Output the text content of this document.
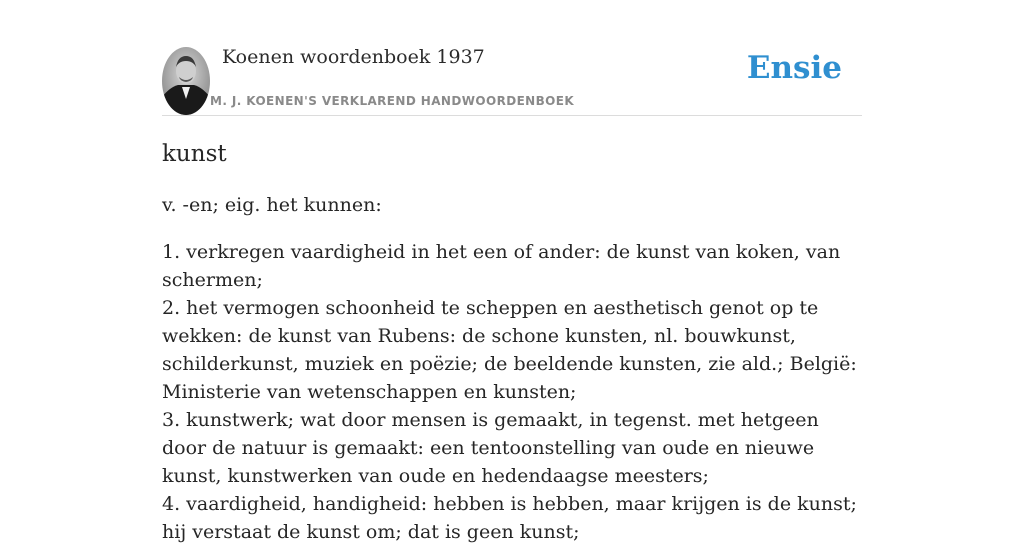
Koenen woordenboek 1937
M. J. KOENEN'S VERKLAREND HANDWOORDENBOEK
Ensie
kunst

v. -en; eig. het kunnen:

1. verkregen vaardigheid in het een of ander: de kunst van koken, van schermen;
2. het vermogen schoonheid te scheppen en aesthetisch genot op te wekken: de kunst van Rubens: de schone kunsten, nl. bouwkunst, schilderkunst, muziek en poëzie; de beeldende kunsten, zie ald.; België: Ministerie van wetenschappen en kunsten;
3. kunstwerk; wat door mensen is gemaakt, in tegenst. met hetgeen door de natuur is gemaakt: een tentoonstelling van oude en nieuwe kunst, kunstwerken van oude en hedendaagse meesters;
4. vaardigheid, handigheid: hebben is hebben, maar krijgen is de kunst; hij verstaat de kunst om; dat is geen kunst;
